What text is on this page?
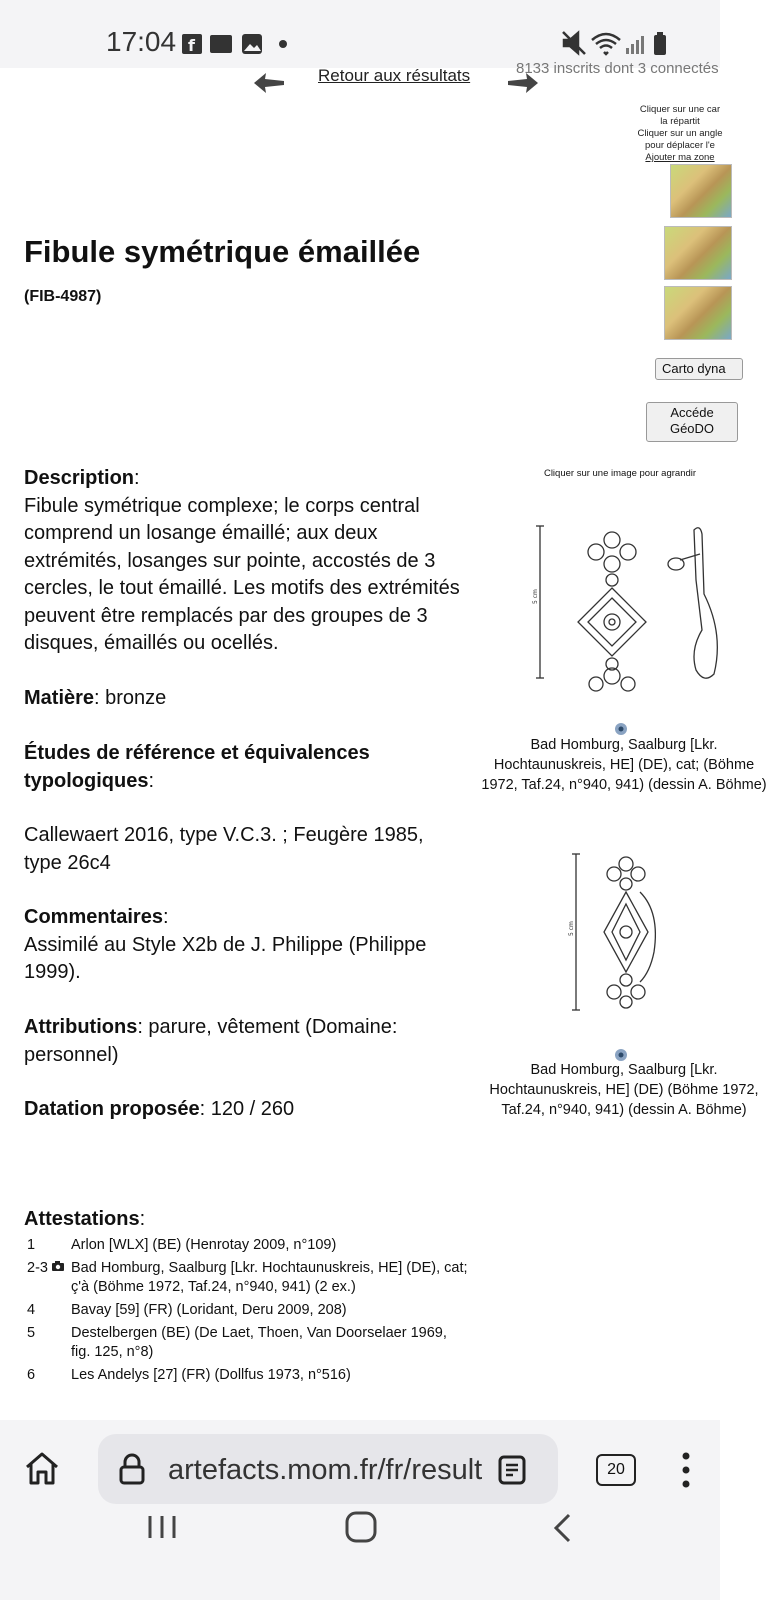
17:04 f
Retour aux résultats	8133 inscrits dont 3 connectés
Cliquer sur une car
la répartit
Cliquer sur un angle
pour déplacer l'e
Ajouter ma zone
Carto dyna
Accéde
GéoDO
Fibule symétrique émaillée
(FIB-4987)
Description:
Fibule symétrique complexe; le corps central comprend un losange émaillé; aux deux extrémités, losanges sur pointe, accostés de 3 cercles, le tout émaillé. Les motifs des extrémités peuvent être remplacés par des groupes de 3 disques, émaillés ou ocellés.
Matière: bronze
Études de référence et équivalences typologiques:
Callewaert 2016, type V.C.3. ; Feugère 1985, type 26c4
Commentaires:
Assimilé au Style X2b de J. Philippe (Philippe 1999).
Attributions: parure, vêtement (Domaine: personnel)
Datation proposée: 120 / 260
Cliquer sur une image pour agrandir
5 cm
Bad Homburg, Saalburg [Lkr. Hochtaunuskreis, HE] (DE), cat; (Böhme 1972, Taf.24, n°940, 941) (dessin A. Böhme)
5 cm
Bad Homburg, Saalburg [Lkr. Hochtaunuskreis, HE] (DE) (Böhme 1972, Taf.24, n°940, 941) (dessin A. Böhme)
Attestations:
1	Arlon [WLX] (BE) (Henrotay 2009, n°109)
2-3	Bad Homburg, Saalburg [Lkr. Hochtaunuskreis, HE] (DE), cat; ç'à (Böhme 1972, Taf.24, n°940, 941) (2 ex.)
4	Bavay [59] (FR) (Loridant, Deru 2009, 208)
5	Destelbergen (BE) (De Laet, Thoen, Van Doorselaer 1969, fig. 125, n°8)
6	Les Andelys [27] (FR) (Dollfus 1973, n°516)
artefacts.mom.fr/fr/result	20
